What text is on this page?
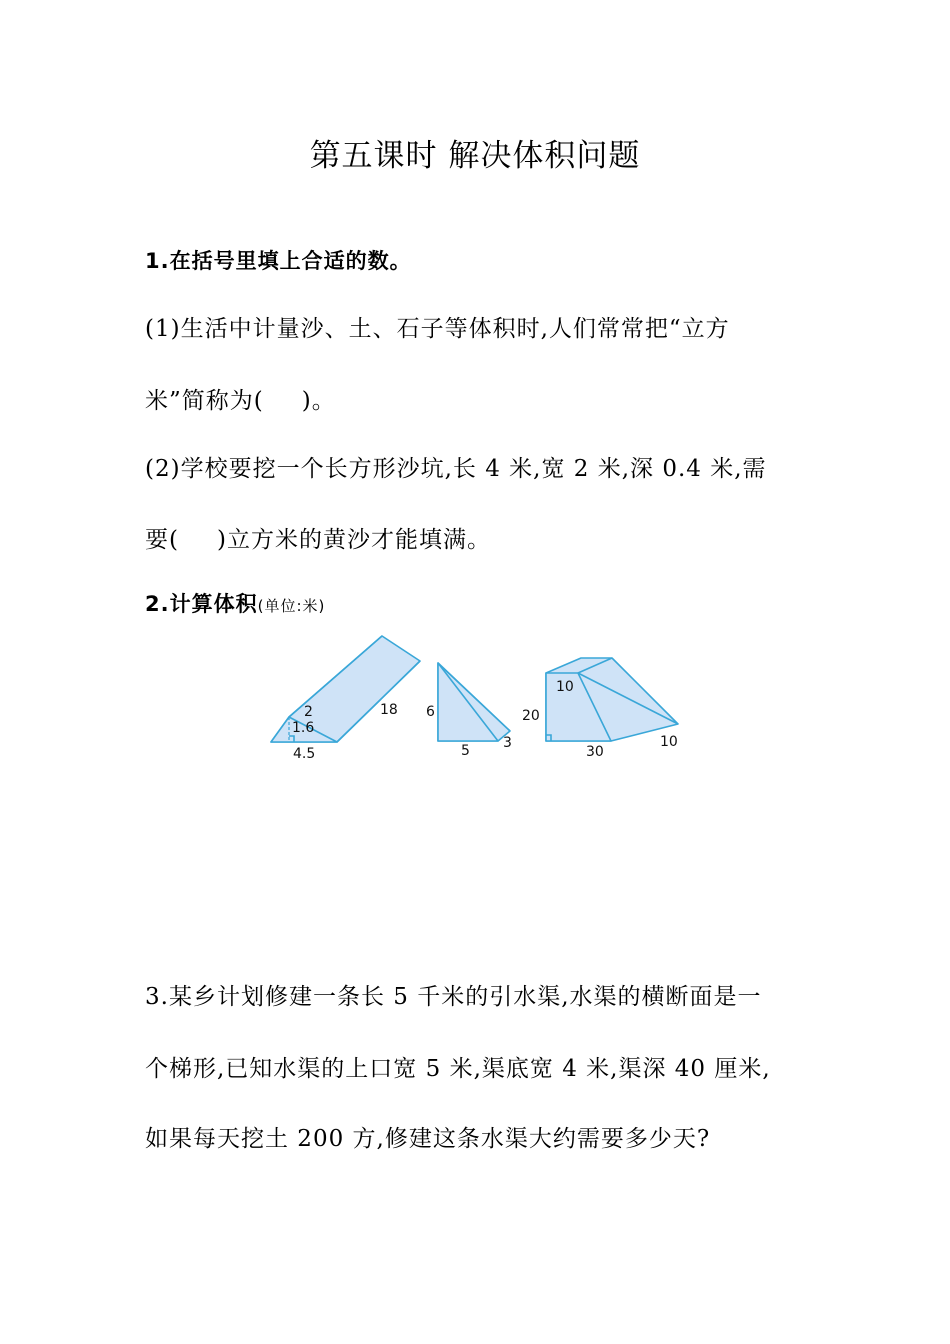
第五课时 解决体积问题
1.在括号里填上合适的数。
(1)生活中计量沙、土、石子等体积时,人们常常把“立方
米”简称为( )。
(2)学校要挖一个长方形沙坑,长 4 米,宽 2 米,深 0.4 米,需
要( )立方米的黄沙才能填满。
2.计算体积(单位:米)
2
1.6
4.5
18 6
5 3
10
20
30
10
3.某乡计划修建一条长 5 千米的引水渠,水渠的横断面是一
个梯形,已知水渠的上口宽 5 米,渠底宽 4 米,渠深 40 厘米,
如果每天挖土 200 方,修建这条水渠大约需要多少天?
